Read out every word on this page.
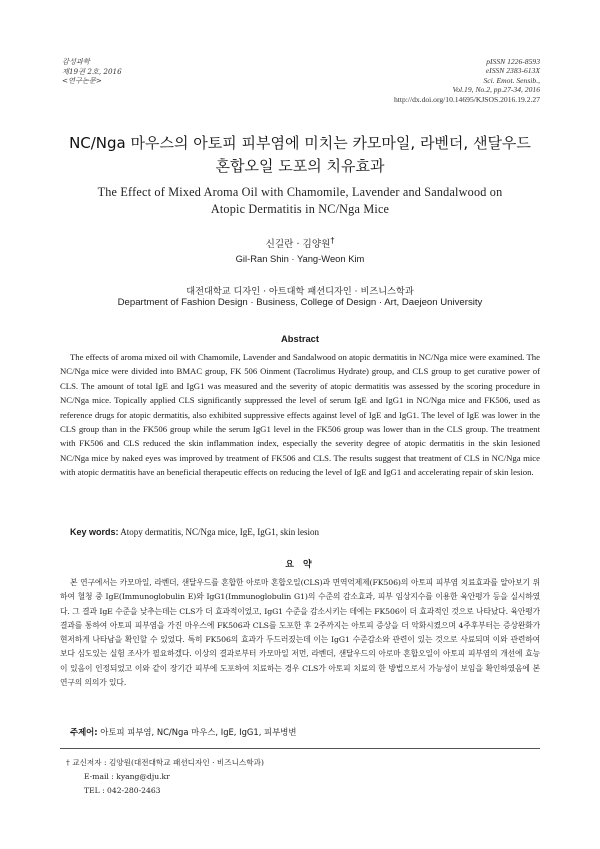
감성과학
제19권 2호, 2016
<연구논문>
pISSN 1226-8593
eISSN 2383-613X
Sci. Emot. Sensib.,
Vol.19, No.2, pp.27-34, 2016
http://dx.doi.org/10.14695/KJSOS.2016.19.2.27
NC/Nga 마우스의 아토피 피부염에 미치는 카모마일, 라벤더, 샌달우드
혼합오일 도포의 치유효과
The Effect of Mixed Aroma Oil with Chamomile, Lavender and Sandalwood on
Atopic Dermatitis in NC/Nga Mice
신길란 · 김양원†
Gil-Ran Shin · Yang-Weon Kim
대전대학교 디자인 · 아트대학 패션디자인 · 비즈니스학과
Department of Fashion Design · Business, College of Design · Art, Daejeon University
Abstract

The effects of aroma mixed oil with Chamomile, Lavender and Sandalwood on atopic dermatitis in NC/Nga mice were examined. The NC/Nga mice were divided into BMAC group, FK 506 Oinment (Tacrolimus Hydrate) group, and CLS group to get curative power of CLS. The amount of total IgE and IgG1 was measured and the severity of atopic dermatitis was assessed by the scoring procedure in NC/Nga mice. Topically applied CLS significantly suppressed the level of serum IgE and IgG1 in NC/Nga mice and FK506, used as reference drugs for atopic dermatitis, also exhibited suppressive effects against level of IgE and IgG1. The level of IgE was lower in the CLS group than in the FK506 group while the serum IgG1 level in the FK506 group was lower than in the CLS group. The treatment with FK506 and CLS reduced the skin inflammation index, especially the severity degree of atopic dermatitis in the skin lesioned NC/Nga mice by naked eyes was improved by treatment of FK506 and CLS. The results suggest that treatment of CLS in NC/Nga mice with atopic dermatitis have an beneficial therapeutic effects on reducing the level of IgE and IgG1 and accelerating repair of skin lesion.

Key words: Atopy dermatitis, NC/Nga mice, IgE, IgG1, skin lesion
요 약

본 연구에서는 카모마일, 라벤더, 샌달우드를 혼합한 아로마 혼합오일(CLS)과 면역억제제(FK506)의 아토피 피부염 치료효과를 알아보기 위하여 혈청 중 IgE(Immunoglobulin E)와 IgG1(Immunoglobulin G1)의 수준의 감소효과, 피부 임상지수를 이용한 육안평가 등을 실시하였다. 그 결과 IgE 수준을 낮추는데는 CLS가 더 효과적이었고, IgG1 수준을 감소시키는 데에는 FK506이 더 효과적인 것으로 나타났다. 육안평가 결과를 통하여 아토피 피부염을 가진 마우스에 FK506과 CLS를 도포한 후 2주까지는 아토피 증상을 더 악화시켰으며 4주후부터는 증상완화가 현저하게 나타남을 확인할 수 있었다. 특히 FK506의 효과가 두드러졌는데 이는 IgG1 수준감소와 관련이 있는 것으로 사료되며 이와 관련하여 보다 심도있는 실험 조사가 필요하겠다. 이상의 결과로부터 카모마일 저먼, 라벤더, 샌달우드의 아로마 혼합오일이 아토피 피부염의 개선에 효능이 있음이 인정되었고 이와 같이 장기간 피부에 도포하여 치료하는 경우 CLS가 아토피 치료의 한 방법으로서 가능성이 보임을 확인하였음에 본 연구의 의의가 있다.

주제어: 아토피 피부염, NC/Nga 마우스, IgE, IgG1, 피부병변
† 교신저자 : 김양원(대전대학교 패션디자인 · 비즈니스학과)
E-mail : kyang@dju.kr
TEL : 042-280-2463
